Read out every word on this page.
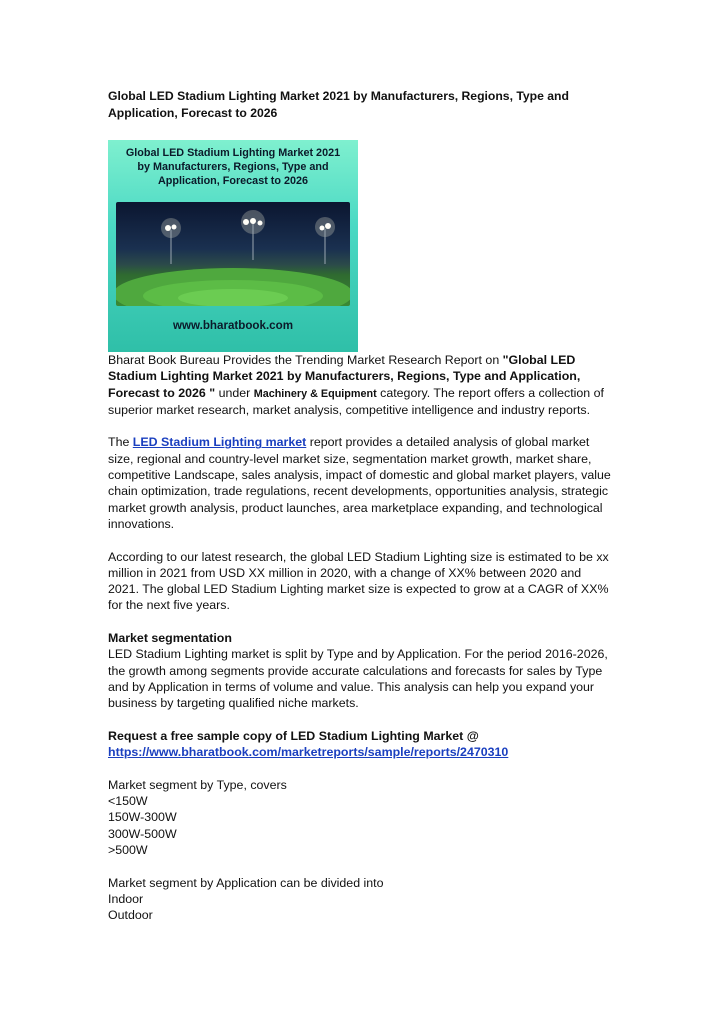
Global LED Stadium Lighting Market 2021 by Manufacturers, Regions, Type and Application, Forecast to 2026

Global LED Stadium Lighting Market 2021
by Manufacturers, Regions, Type and
Application, Forecast to 2026
www.bharatbook.com

Bharat Book Bureau Provides the Trending Market Research Report on "Global LED Stadium Lighting Market 2021 by Manufacturers, Regions, Type and Application, Forecast to 2026 " under Machinery & Equipment category. The report offers a collection of superior market research, market analysis, competitive intelligence and industry reports.

The LED Stadium Lighting market report provides a detailed analysis of global market size, regional and country-level market size, segmentation market growth, market share, competitive Landscape, sales analysis, impact of domestic and global market players, value chain optimization, trade regulations, recent developments, opportunities analysis, strategic market growth analysis, product launches, area marketplace expanding, and technological innovations.

According to our latest research, the global LED Stadium Lighting size is estimated to be xx million in 2021 from USD XX million in 2020, with a change of XX% between 2020 and 2021. The global LED Stadium Lighting market size is expected to grow at a CAGR of XX% for the next five years.

Market segmentation

LED Stadium Lighting market is split by Type and by Application. For the period 2016-2026, the growth among segments provide accurate calculations and forecasts for sales by Type and by Application in terms of volume and value. This analysis can help you expand your business by targeting qualified niche markets.

Request a free sample copy of LED Stadium Lighting Market @

https://www.bharatbook.com/marketreports/sample/reports/2470310

Market segment by Type, covers

<150W

150W-300W

300W-500W

>500W

Market segment by Application can be divided into

Indoor

Outdoor
